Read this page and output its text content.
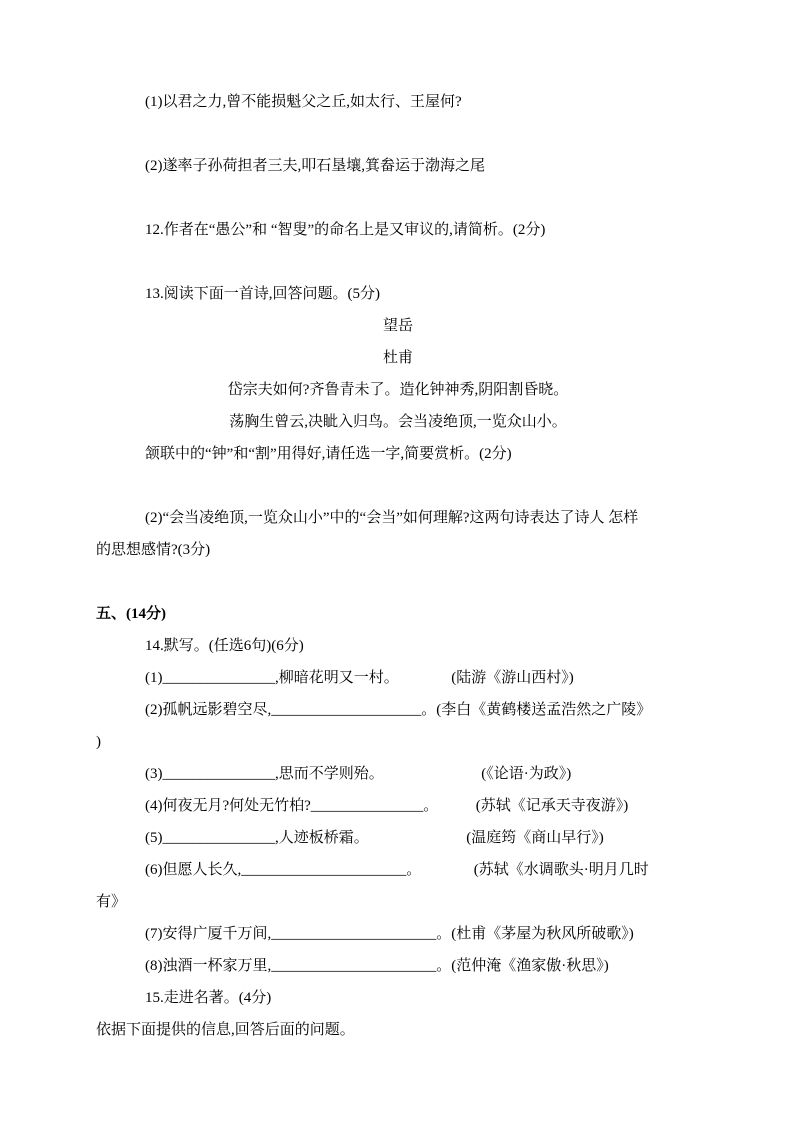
(1)以君之力,曾不能损魁父之丘,如太行、王屋何?
(2)遂率子孙荷担者三夫,叩石垦壤,箕畚运于渤海之尾
12.作者在“愚公”和 “智叟”的命名上是又审议的,请简析。(2分)
13.阅读下面一首诗,回答问题。(5分)
望岳
杜甫
岱宗夫如何?齐鲁青未了。造化钟神秀,阴阳割昏晓。
荡胸生曾云,决眦入归鸟。会当凌绝顶,一览众山小。
颔联中的“钟”和“割”用得好,请任选一字,简要赏析。(2分)
(2)“会当凌绝顶,一览众山小”中的“会当”如何理解?这两句诗表达了诗人 怎样
的思想感情?(3分)
五、(14分)
14.默写。(任选6句)(6分)
(1)_______________,柳暗花明又一村。　　　　(陆游《游山西村》)
(2)孤帆远影碧空尽,____________________。(李白《黄鹤楼送孟浩然之广陵》
)
(3)_______________,思而不学则殆。　　　　　　　(《论语·为政》)
(4)何夜无月?何处无竹柏?_______________。　　　(苏轼《记承天寺夜游》)
(5)_______________,人迹板桥霜。　　　　　　　(温庭筠《商山早行》)
(6)但愿人长久,______________________。　　　　(苏轼《水调歌头·明月几时
有》
(7)安得广厦千万间,______________________。(杜甫《茅屋为秋风所破歌》)
(8)浊酒一杯家万里,______________________。(范仲淹《渔家傲·秋思》)
15.走进名著。(4分)
依据下面提供的信息,回答后面的问题。
